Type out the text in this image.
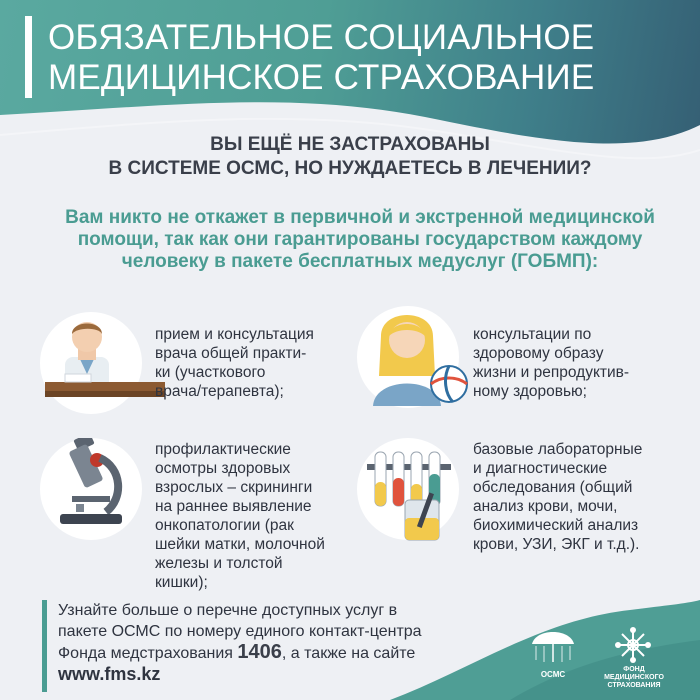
ОБЯЗАТЕЛЬНОЕ СОЦИАЛЬНОЕ
МЕДИЦИНСКОЕ СТРАХОВАНИЕ
ВЫ ЕЩЁ НЕ ЗАСТРАХОВАНЫ
В СИСТЕМЕ ОСМС, НО НУЖДАЕТЕСЬ В ЛЕЧЕНИИ?
Вам никто не откажет в первичной и экстренной медицинской
помощи, так как они гарантированы государством каждому
человеку в пакете бесплатных медуслуг (ГОБМП):
прием и консультация
врача общей практи-
ки (участкового
врача/терапевта);
консультации по
здоровому образу
жизни и репродуктив-
ному здоровью;
профилактические
осмотры здоровых
взрослых – скрининги
на раннее выявление
онкопатологии (рак
шейки матки, молочной
железы и толстой
кишки);
базовые лабораторные
и диагностические
обследования (общий
анализ крови, мочи,
биохимический анализ
крови, УЗИ, ЭКГ и т.д.).
Узнайте больше о перечне доступных услуг в
пакете ОСМС по номеру единого контакт-центра
Фонда медстрахования 1406, а также на сайте
www.fms.kz	ОСМС
ФОНД
МЕДИЦИНСКОГО
СТРАХОВАНИЯ
